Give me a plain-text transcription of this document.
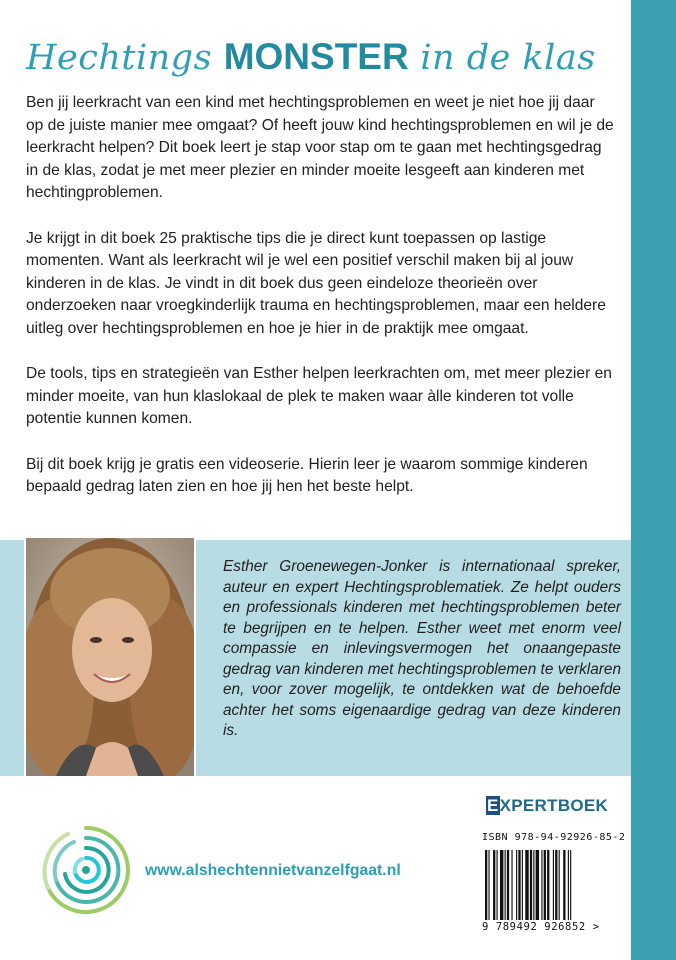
Hechtings MONSTER in de klas

Ben jij leerkracht van een kind met hechtingsproblemen en weet je niet hoe jij daar op de juiste manier mee omgaat? Of heeft jouw kind hechtingsproblemen en wil je de leerkracht helpen? Dit boek leert je stap voor stap om te gaan met hechtingsgedrag in de klas, zodat je met meer plezier en minder moeite lesgeeft aan kinderen met hechtingproblemen.

Je krijgt in dit boek 25 praktische tips die je direct kunt toepassen op lastige momenten. Want als leerkracht wil je wel een positief verschil maken bij al jouw kinderen in de klas. Je vindt in dit boek dus geen eindeloze theorieën over onderzoeken naar vroegkinderlijk trauma en hechtingsproblemen, maar een heldere uitleg over hechtingsproblemen en hoe je hier in de praktijk mee omgaat.

De tools, tips en strategieën van Esther helpen leerkrachten om, met meer plezier en minder moeite, van hun klaslokaal de plek te maken waar àlle kinderen tot volle potentie kunnen komen.

Bij dit boek krijg je gratis een videoserie. Hierin leer je waarom sommige kinderen bepaald gedrag laten zien en hoe jij hen het beste helpt.

Esther Groenewegen-Jonker is internationaal spreker, auteur en expert Hechtingsproblematiek. Ze helpt ouders en professionals kinderen met hechtingsproblemen beter te begrijpen en te helpen. Esther weet met enorm veel compassie en inlevingsvermogen het onaangepaste gedrag van kinderen met hechtingsproblemen te verklaren en, voor zover mogelijk, te ontdekken wat de behoefde achter het soms eigenaardige gedrag van deze kinderen is.
www.alshechtennietvanzelfgaat.nl
EXPERTBOEK
ISBN 978-94-92926-85-2
9 789492 926852 >
